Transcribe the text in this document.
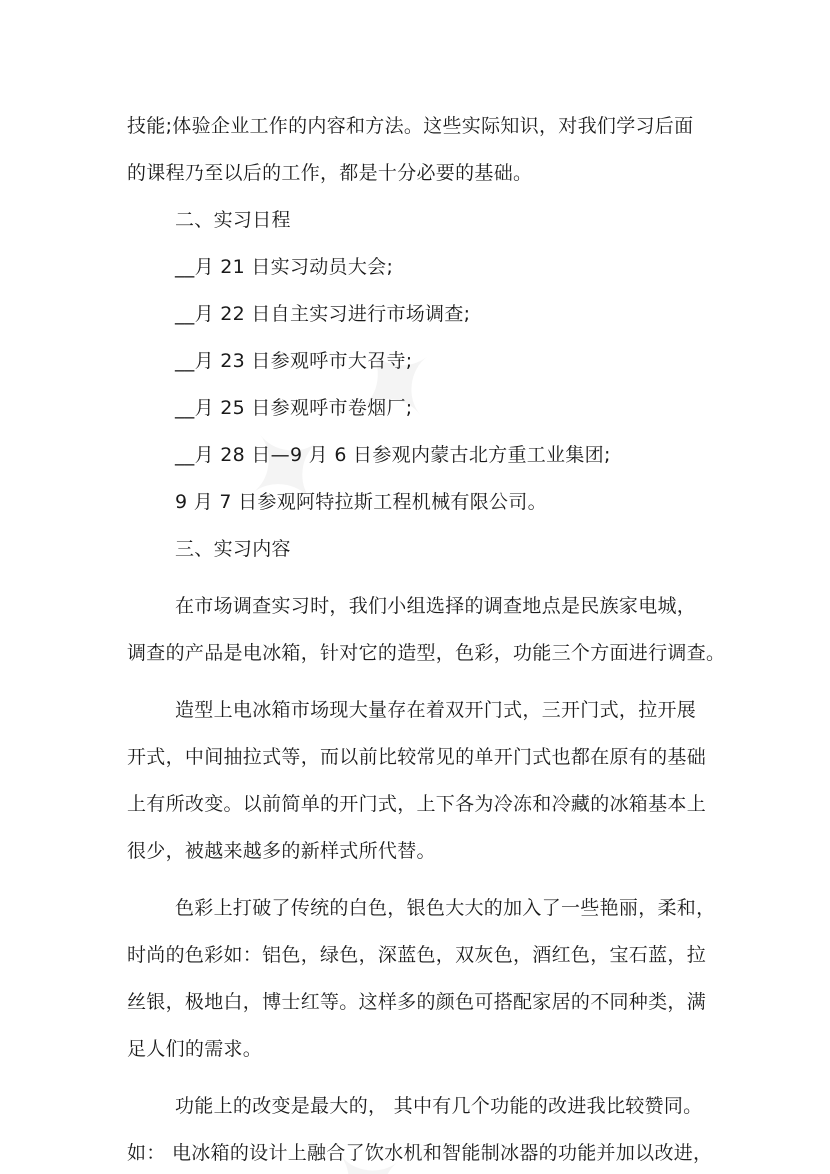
技能;体验企业工作的内容和方法。这些实际知识，对我们学习后面
的课程乃至以后的工作，都是十分必要的基础。
二、实习日程
__月 21 日实习动员大会;
__月 22 日自主实习进行市场调查;
__月 23 日参观呼市大召寺;
__月 25 日参观呼市卷烟厂;
__月 28 日—9 月 6 日参观内蒙古北方重工业集团;
9 月 7 日参观阿特拉斯工程机械有限公司。
三、实习内容
在市场调查实习时，我们小组选择的调查地点是民族家电城，
调查的产品是电冰箱，针对它的造型，色彩，功能三个方面进行调查。
造型上电冰箱市场现大量存在着双开门式，三开门式，拉开展
开式，中间抽拉式等，而以前比较常见的单开门式也都在原有的基础
上有所改变。以前简单的开门式，上下各为冷冻和冷藏的冰箱基本上
很少，被越来越多的新样式所代替。
色彩上打破了传统的白色，银色大大的加入了一些艳丽，柔和，
时尚的色彩如：铝色，绿色，深蓝色，双灰色，酒红色，宝石蓝，拉
丝银，极地白，博士红等。这样多的颜色可搭配家居的不同种类，满
足人们的需求。
功能上的改变是最大的， 其中有几个功能的改进我比较赞同。
如： 电冰箱的设计上融合了饮水机和智能制冰器的功能并加以改进，
